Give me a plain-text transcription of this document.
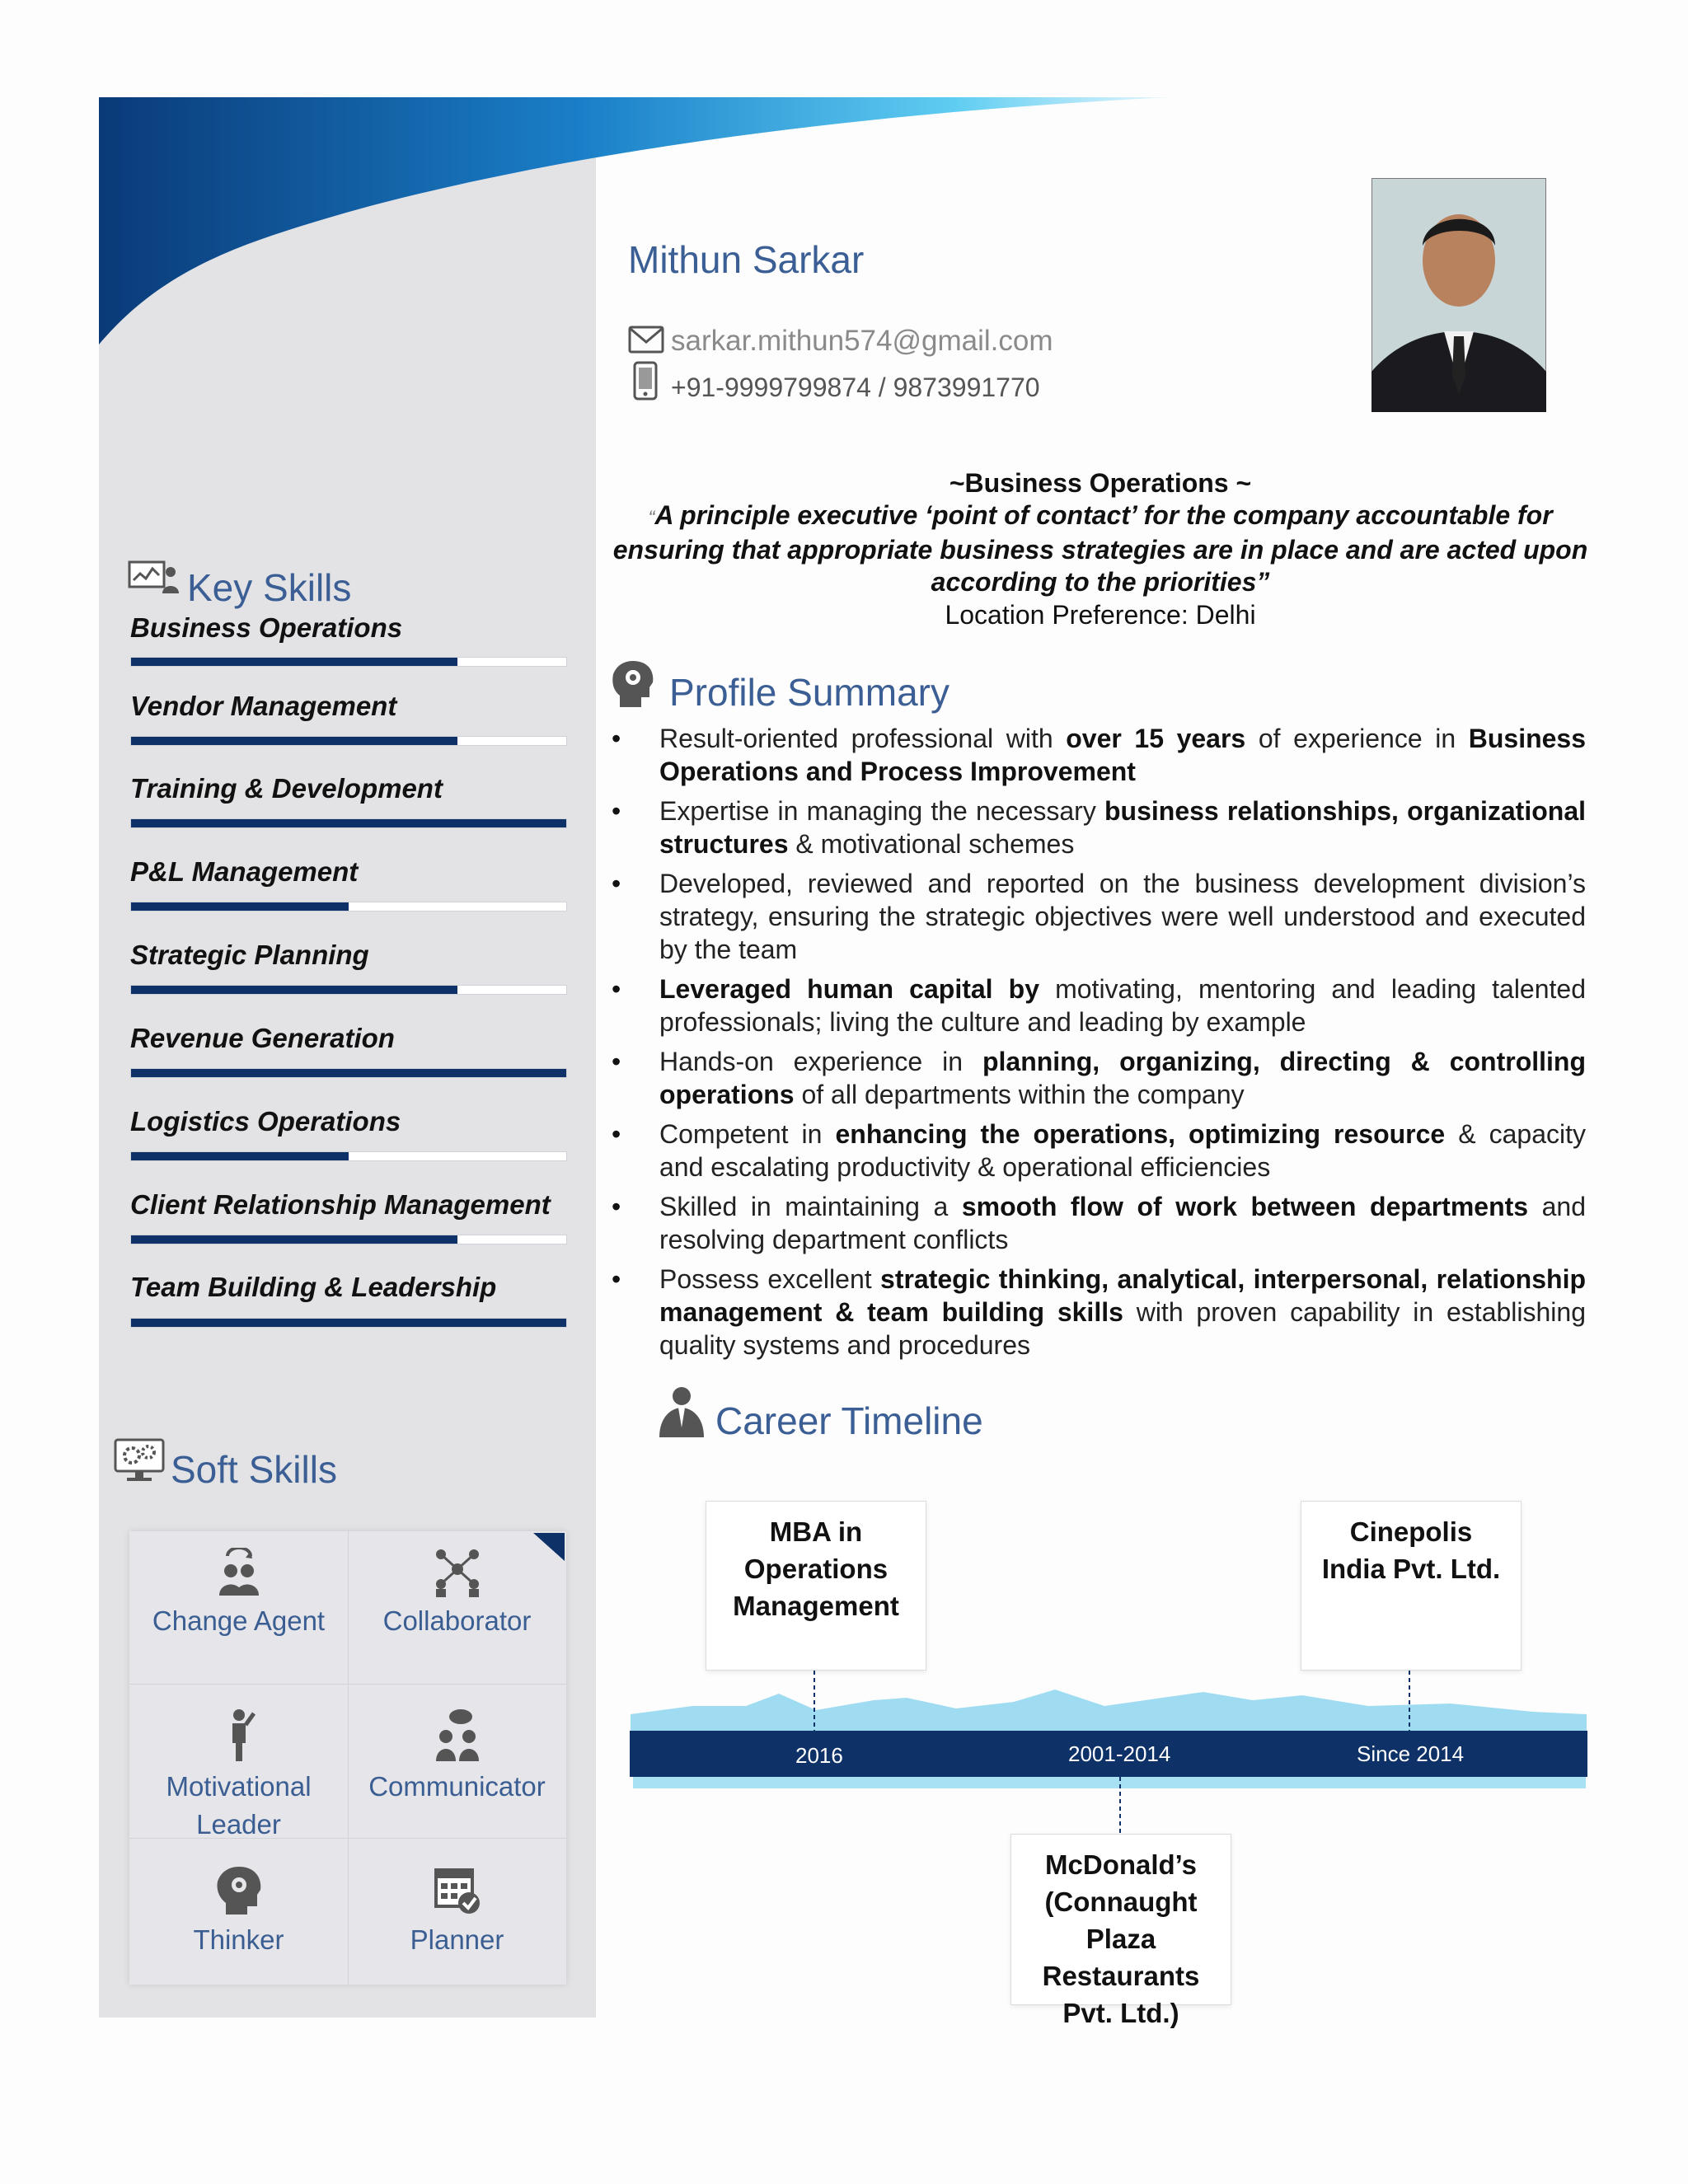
Mithun Sarkar
sarkar.mithun574@gmail.com
+91-9999799874 / 9873991770
~Business Operations ~
“A principle executive ‘point of contact’ for the company accountable for ensuring that appropriate business strategies are in place and are acted upon according to the priorities”
Location Preference: Delhi
Key Skills
Business Operations
Vendor Management
Training & Development
P&L Management
Strategic Planning
Revenue Generation
Logistics Operations
Client Relationship Management
Team Building & Leadership
Soft Skills
Change Agent	Collaborator
Motivational Leader
Communicator
Thinker	Planner
Profile Summary
• Result-oriented professional with over 15 years of experience in Business Operations and Process Improvement
• Expertise in managing the necessary business relationships, organizational structures & motivational schemes
• Developed, reviewed and reported on the business development division’s strategy, ensuring the strategic objectives were well understood and executed by the team
• Leveraged human capital by motivating, mentoring and leading talented professionals; living the culture and leading by example
• Hands-on experience in planning, organizing, directing & controlling operations of all departments within the company
• Competent in enhancing the operations, optimizing resource & capacity and escalating productivity & operational efficiencies
• Skilled in maintaining a smooth flow of work between departments and resolving department conflicts
• Possess excellent strategic thinking, analytical, interpersonal, relationship management & team building skills with proven capability in establishing quality systems and procedures
Career Timeline
2016	2001-2014	Since 2014
MBA in Operations Management
McDonald’s (Connaught Plaza Restaurants Pvt. Ltd.)
Cinepolis India Pvt. Ltd.
